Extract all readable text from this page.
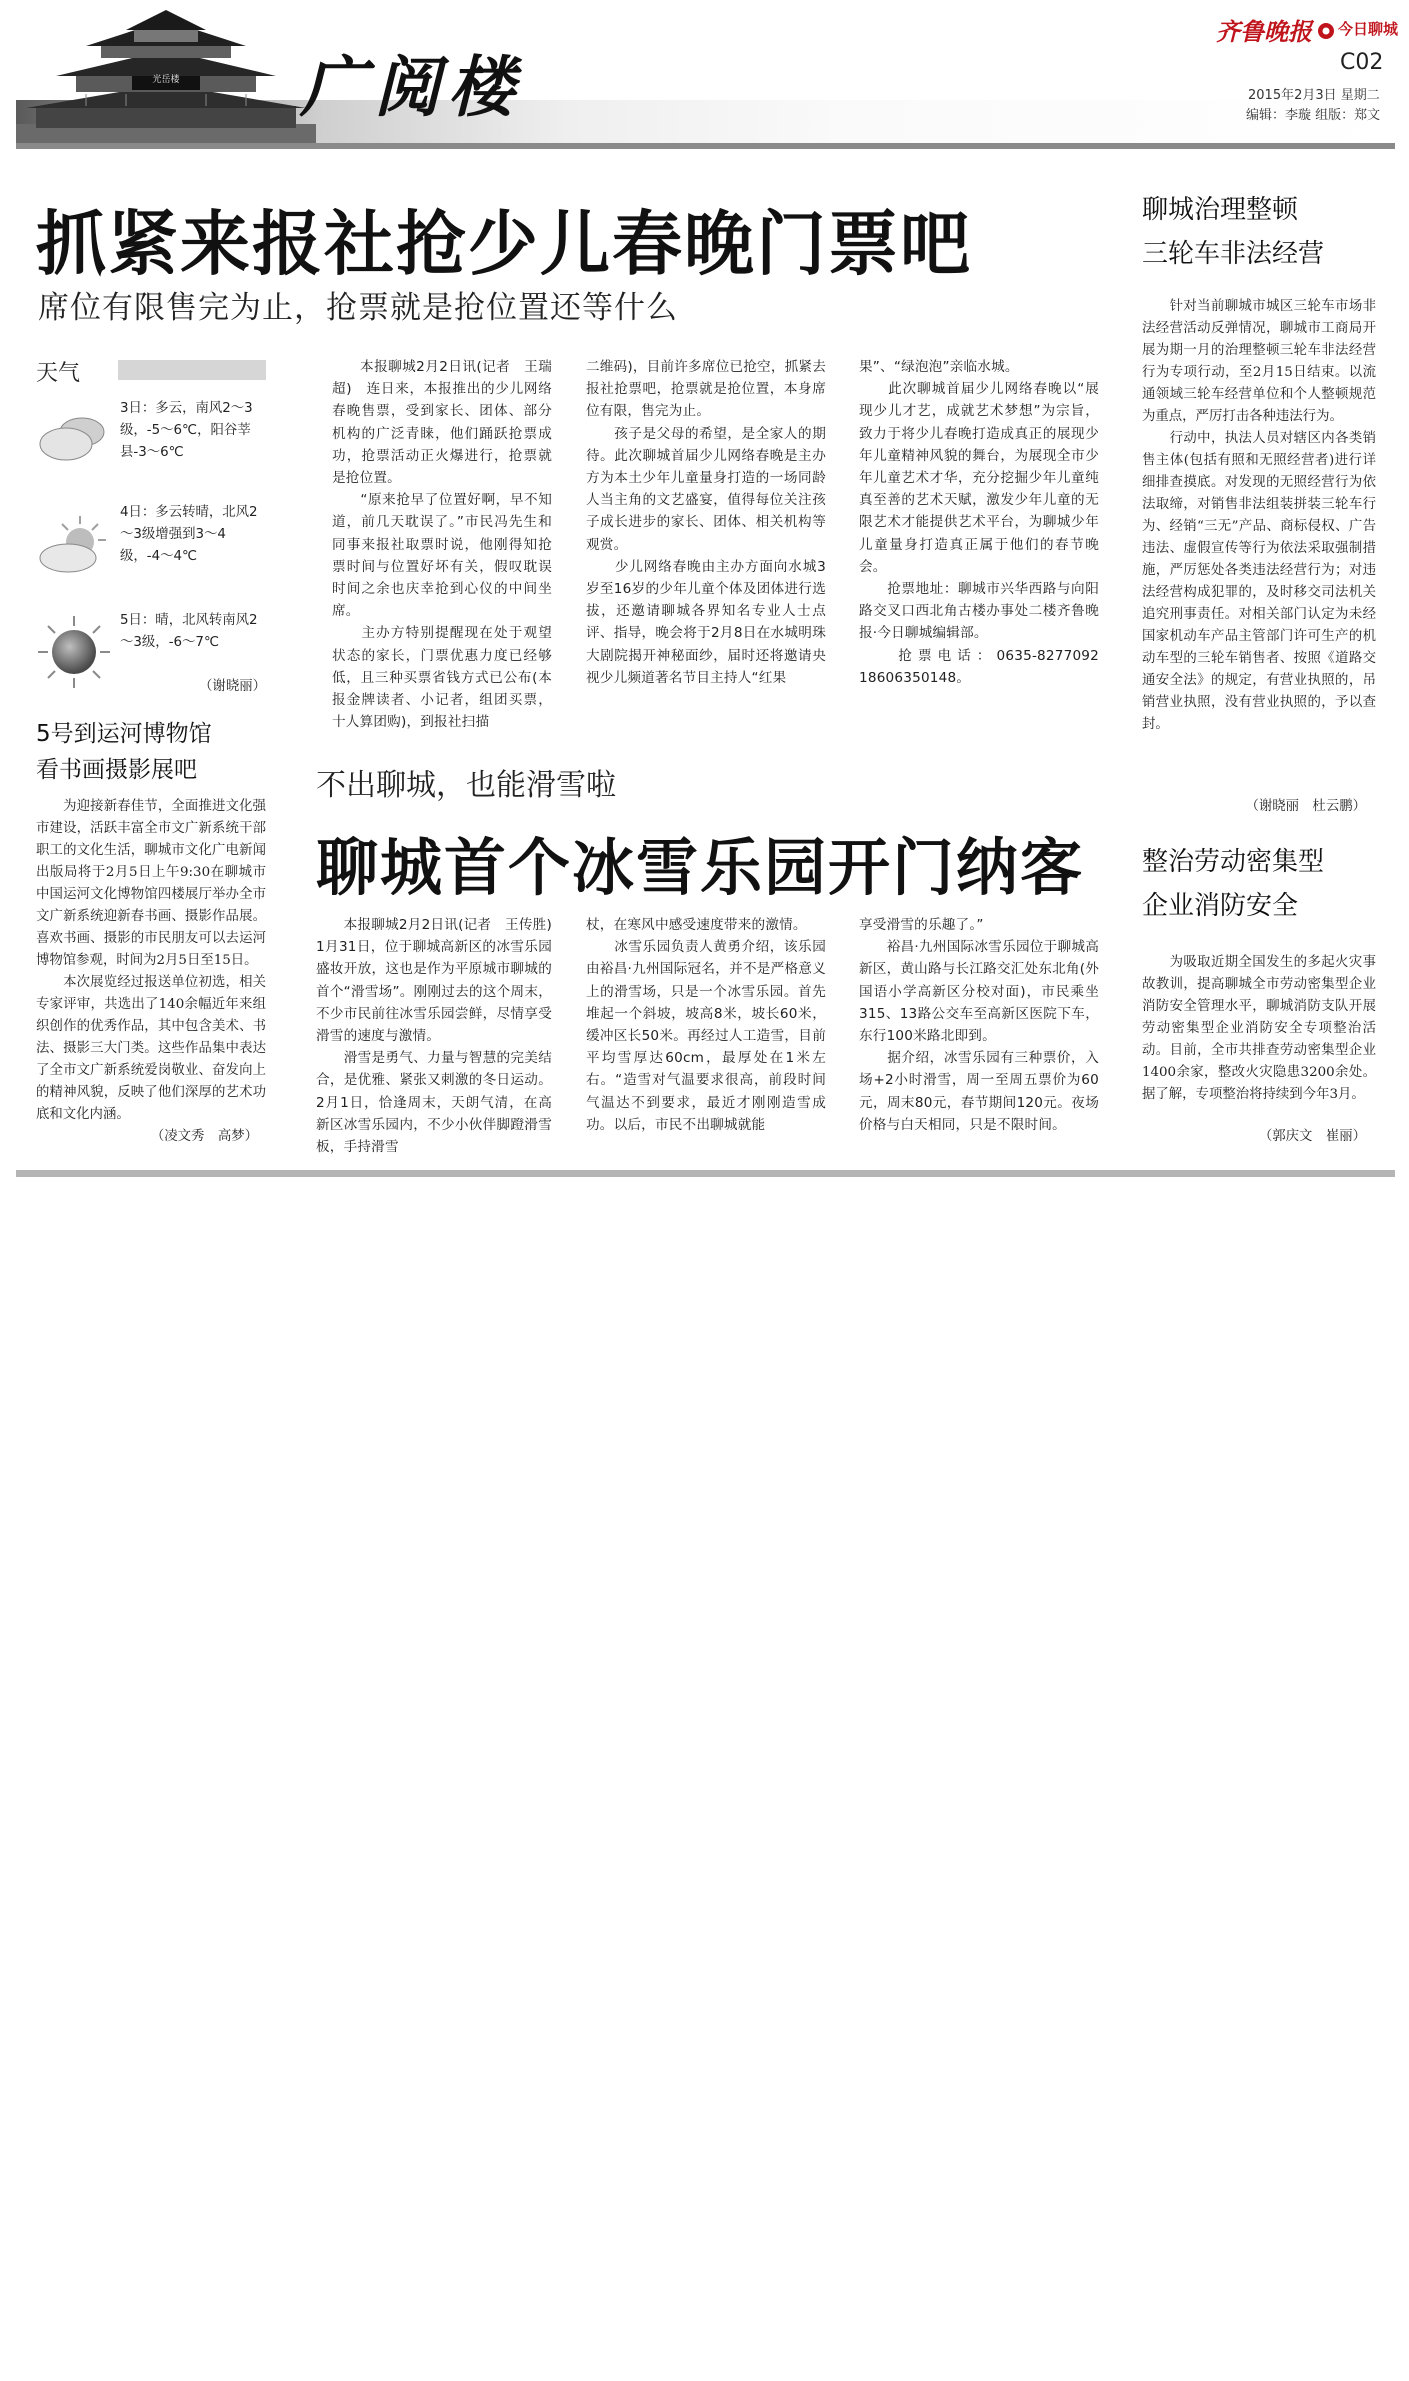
光岳楼	广阅楼
齐鲁晚报 今日聊城
C02
2015年2月3日 星期二
编辑：李璇 组版：郑文
抓紧来报社抢少儿春晚门票吧
席位有限售完为止，抢票就是抢位置还等什么
　　本报聊城2月2日讯(记者　王瑞超)　连日来，本报推出的少儿网络春晚售票，受到家长、团体、部分机构的广泛青睐，他们踊跃抢票成功，抢票活动正火爆进行，抢票就是抢位置。
　　“原来抢早了位置好啊，早不知道，前几天耽误了。”市民冯先生和同事来报社取票时说，他刚得知抢票时间与位置好坏有关，假叹耽误时间之余也庆幸抢到心仪的中间坐席。
　　主办方特别提醒现在处于观望状态的家长，门票优惠力度已经够低，且三种买票省钱方式已公布(本报金牌读者、小记者，组团买票，十人算团购)，到报社扫描
二维码)，目前许多席位已抢空，抓紧去报社抢票吧，抢票就是抢位置，本身席位有限，售完为止。
　　孩子是父母的希望，是全家人的期待。此次聊城首届少儿网络春晚是主办方为本土少年儿童量身打造的一场同龄人当主角的文艺盛宴，值得每位关注孩子成长进步的家长、团体、相关机构等观赏。
　　少儿网络春晚由主办方面向水城3岁至16岁的少年儿童个体及团体进行选拔，还邀请聊城各界知名专业人士点评、指导，晚会将于2月8日在水城明珠大剧院揭开神秘面纱，届时还将邀请央视少儿频道著名节目主持人“红果
果”、“绿泡泡”亲临水城。
　　此次聊城首届少儿网络春晚以“展现少儿才艺，成就艺术梦想”为宗旨，致力于将少儿春晚打造成真正的展现少年儿童精神风貌的舞台，为展现全市少年儿童艺术才华，充分挖掘少年儿童纯真至善的艺术天赋，激发少年儿童的无限艺术才能提供艺术平台，为聊城少年儿童量身打造真正属于他们的春节晚会。
　　抢票地址：聊城市兴华西路与向阳路交叉口西北角古楼办事处二楼齐鲁晚报·今日聊城编辑部。
　　抢票电话：0635-8277092　18606350148。
天气
3日：多云，南风2～3级，-5～6℃，阳谷莘县-3～6℃
4日：多云转晴，北风2～3级增强到3～4级，-4～4℃
5日：晴，北风转南风2～3级，-6～7℃
（谢晓丽）
5号到运河博物馆
看书画摄影展吧
　　为迎接新春佳节，全面推进文化强市建设，活跃丰富全市文广新系统干部职工的文化生活，聊城市文化广电新闻出版局将于2月5日上午9:30在聊城市中国运河文化博物馆四楼展厅举办全市文广新系统迎新春书画、摄影作品展。喜欢书画、摄影的市民朋友可以去运河博物馆参观，时间为2月5日至15日。
　　本次展览经过报送单位初选，相关专家评审，共选出了140余幅近年来组织创作的优秀作品，其中包含美术、书法、摄影三大门类。这些作品集中表达了全市文广新系统爱岗敬业、奋发向上的精神风貌，反映了他们深厚的艺术功底和文化内涵。
（凌文秀　高梦）
不出聊城，也能滑雪啦
聊城首个冰雪乐园开门纳客
　　本报聊城2月2日讯(记者　王传胜)　1月31日，位于聊城高新区的冰雪乐园盛妆开放，这也是作为平原城市聊城的首个“滑雪场”。刚刚过去的这个周末，不少市民前往冰雪乐园尝鲜，尽情享受滑雪的速度与激情。
　　滑雪是勇气、力量与智慧的完美结合，是优雅、紧张又刺激的冬日运动。2月1日，恰逢周末，天朗气清，在高新区冰雪乐园内，不少小伙伴脚蹬滑雪板，手持滑雪
杖，在寒风中感受速度带来的激情。
　　冰雪乐园负责人黄勇介绍，该乐园由裕昌·九州国际冠名，并不是严格意义上的滑雪场，只是一个冰雪乐园。首先堆起一个斜坡，坡高8米，坡长60米，缓冲区长50米。再经过人工造雪，目前平均雪厚达60cm，最厚处在1米左右。“造雪对气温要求很高，前段时间气温达不到要求，最近才刚刚造雪成功。以后，市民不出聊城就能
享受滑雪的乐趣了。”
　　裕昌·九州国际冰雪乐园位于聊城高新区，黄山路与长江路交汇处东北角(外国语小学高新区分校对面)，市民乘坐315、13路公交车至高新区医院下车，东行100米路北即到。
　　据介绍，冰雪乐园有三种票价，入场+2小时滑雪，周一至周五票价为60元，周末80元，春节期间120元。夜场价格与白天相同，只是不限时间。
聊城治理整顿
三轮车非法经营
　　针对当前聊城市城区三轮车市场非法经营活动反弹情况，聊城市工商局开展为期一月的治理整顿三轮车非法经营行为专项行动，至2月15日结束。以流通领域三轮车经营单位和个人整顿规范为重点，严厉打击各种违法行为。
　　行动中，执法人员对辖区内各类销售主体(包括有照和无照经营者)进行详细排查摸底。对发现的无照经营行为依法取缔，对销售非法组装拼装三轮车行为、经销“三无”产品、商标侵权、广告违法、虚假宣传等行为依法采取强制措施，严厉惩处各类违法经营行为；对违法经营构成犯罪的，及时移交司法机关追究刑事责任。对相关部门认定为未经国家机动车产品主管部门许可生产的机动车型的三轮车销售者、按照《道路交通安全法》的规定，有营业执照的，吊销营业执照，没有营业执照的，予以查封。
（谢晓丽　杜云鹏）
整治劳动密集型
企业消防安全
　　为吸取近期全国发生的多起火灾事故教训，提高聊城全市劳动密集型企业消防安全管理水平，聊城消防支队开展劳动密集型企业消防安全专项整治活动。目前，全市共排查劳动密集型企业1400余家，整改火灾隐患3200余处。据了解，专项整治将持续到今年3月。
（郭庆文　崔丽）
